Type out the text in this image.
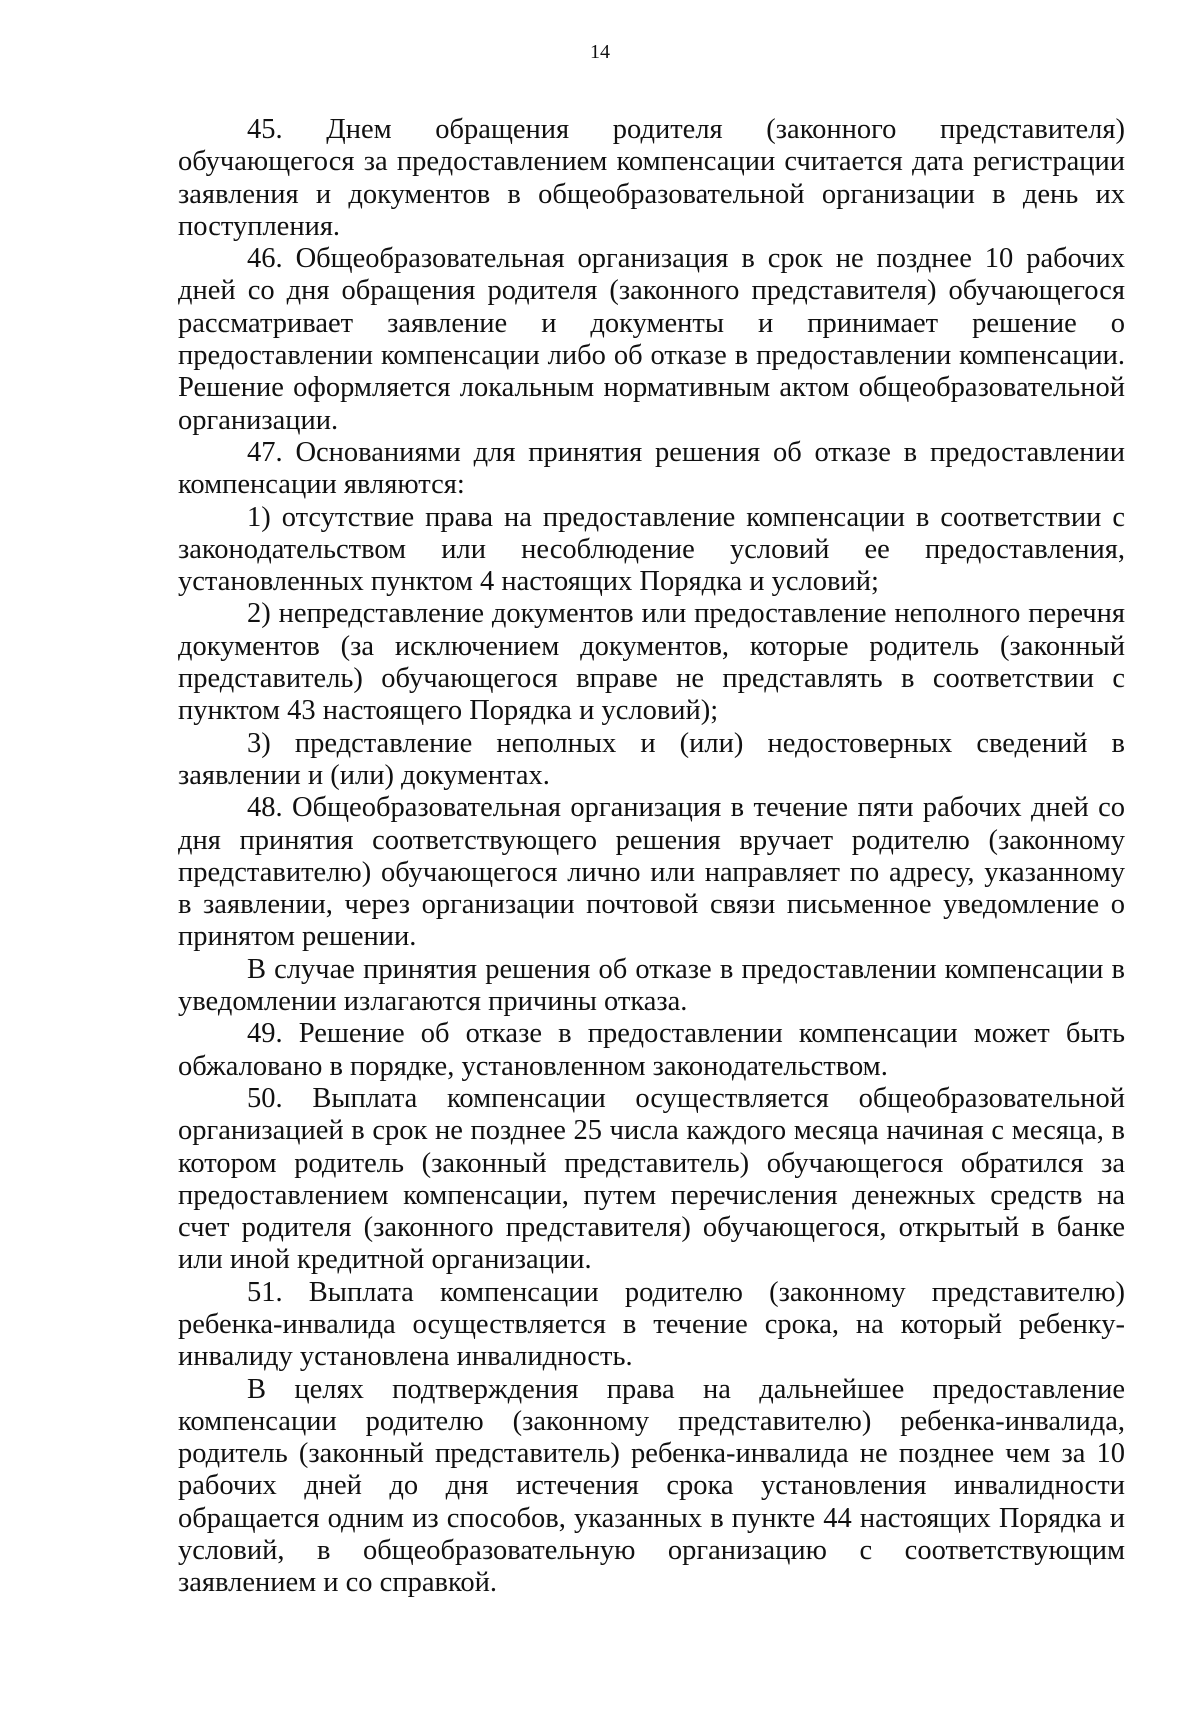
14

45. Днем обращения родителя (законного представителя) обучающегося за предоставлением компенсации считается дата регистрации заявления и документов в общеобразовательной организации в день их поступления.

46. Общеобразовательная организация в срок не позднее 10 рабочих дней со дня обращения родителя (законного представителя) обучающегося рассматривает заявление и документы и принимает решение о предоставлении компенсации либо об отказе в предоставлении компенсации. Решение оформляется локальным нормативным актом общеобразовательной организации.

47. Основаниями для принятия решения об отказе в предоставлении компенсации являются:

1) отсутствие права на предоставление компенсации в соответствии с законодательством или несоблюдение условий ее предоставления, установленных пунктом 4 настоящих Порядка и условий;

2) непредставление документов или предоставление неполного перечня документов (за исключением документов, которые родитель (законный представитель) обучающегося вправе не представлять в соответствии с пунктом 43 настоящего Порядка и условий);

3) представление неполных и (или) недостоверных сведений в заявлении и (или) документах.

48. Общеобразовательная организация в течение пяти рабочих дней со дня принятия соответствующего решения вручает родителю (законному представителю) обучающегося лично или направляет по адресу, указанному в заявлении, через организации почтовой связи письменное уведомление о принятом решении.

В случае принятия решения об отказе в предоставлении компенсации в уведомлении излагаются причины отказа.

49. Решение об отказе в предоставлении компенсации может быть обжаловано в порядке, установленном законодательством.

50. Выплата компенсации осуществляется общеобразовательной организацией в срок не позднее 25 числа каждого месяца начиная с месяца, в котором родитель (законный представитель) обучающегося обратился за предоставлением компенсации, путем перечисления денежных средств на счет родителя (законного представителя) обучающегося, открытый в банке или иной кредитной организации.

51. Выплата компенсации родителю (законному представителю) ребенка-инвалида осуществляется в течение срока, на который ребенку-инвалиду установлена инвалидность.

В целях подтверждения права на дальнейшее предоставление компенсации родителю (законному представителю) ребенка-инвалида, родитель (законный представитель) ребенка-инвалида не позднее чем за 10 рабочих дней до дня истечения срока установления инвалидности обращается одним из способов, указанных в пункте 44 настоящих Порядка и условий, в общеобразовательную организацию с соответствующим заявлением и со справкой.
